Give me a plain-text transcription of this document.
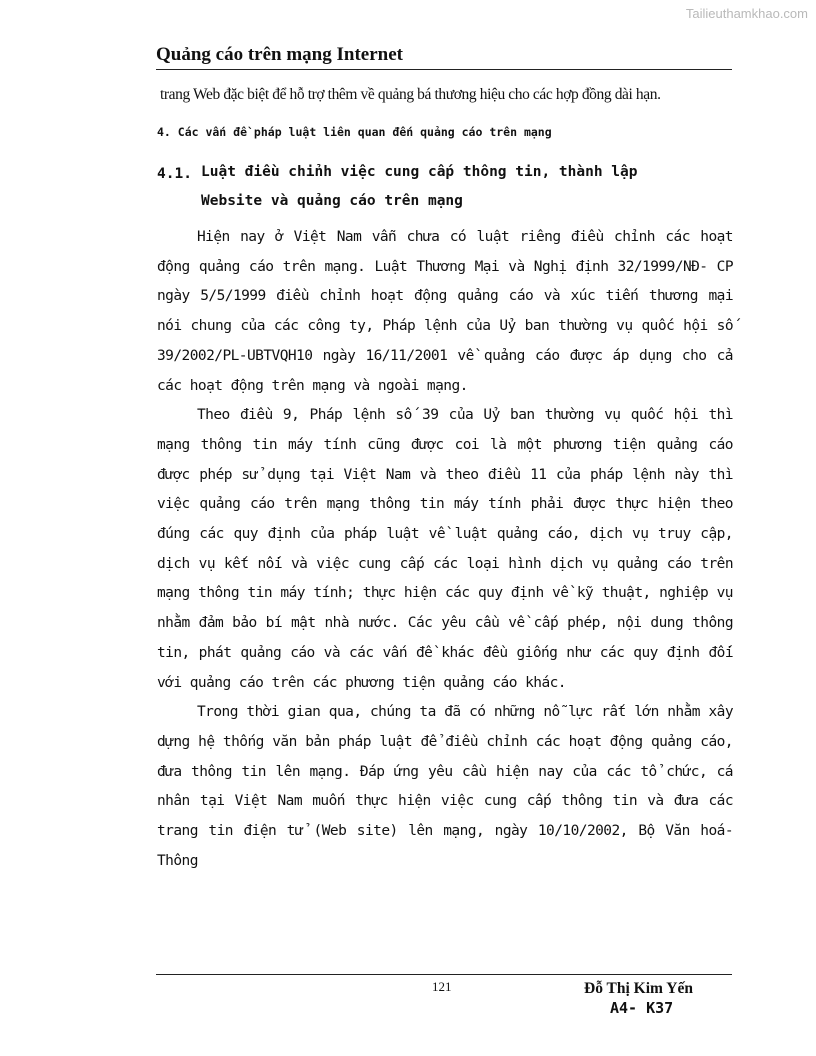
Tailieuthamkhao.com
Quảng cáo trên mạng Internet
trang Web đặc biệt để hỗ trợ thêm về quảng bá thương hiệu cho các hợp đồng dài hạn.
4. Các vấn đề pháp luật liên quan đến quảng cáo trên mạng
4.1. Luật điều chỉnh việc cung cấp thông tin, thành lập
Website và quảng cáo trên mạng

Hiện nay ở Việt Nam vẫn chưa có luật riêng điều chỉnh các hoạt động quảng cáo trên mạng. Luật Thương Mại và Nghị định 32/1999/NĐ- CP ngày 5/5/1999 điều chỉnh hoạt động quảng cáo và xúc tiến thương mại nói chung của các công ty, Pháp lệnh của Uỷ ban thường vụ quốc hội số 39/2002/PL-UBTVQH10 ngày 16/11/2001 về quảng cáo được áp dụng cho cả các hoạt động trên mạng và ngoài mạng.

Theo điều 9, Pháp lệnh số 39 của Uỷ ban thường vụ quốc hội thì mạng thông tin máy tính cũng được coi là một phương tiện quảng cáo được phép sử dụng tại Việt Nam và theo điều 11 của pháp lệnh này thì việc quảng cáo trên mạng thông tin máy tính phải được thực hiện theo đúng các quy định của pháp luật về luật quảng cáo, dịch vụ truy cập, dịch vụ kết nối và việc cung cấp các loại hình dịch vụ quảng cáo trên mạng thông tin máy tính; thực hiện các quy định về kỹ thuật, nghiệp vụ nhằm đảm bảo bí mật nhà nước. Các yêu cầu về cấp phép, nội dung thông tin, phát quảng cáo và các vấn đề khác đều giống như các quy định đối với quảng cáo trên các phương tiện quảng cáo khác.

Trong thời gian qua, chúng ta đã có những nỗ lực rất lớn nhằm xây dựng hệ thống văn bản pháp luật để điều chỉnh các hoạt động quảng cáo, đưa thông tin lên mạng. Đáp ứng yêu cầu hiện nay của các tổ chức, cá nhân tại Việt Nam muốn thực hiện việc cung cấp thông tin và đưa các trang tin điện tử (Web site) lên mạng, ngày 10/10/2002, Bộ Văn hoá- Thông

121	Đỗ Thị Kim Yến
A4- K37
